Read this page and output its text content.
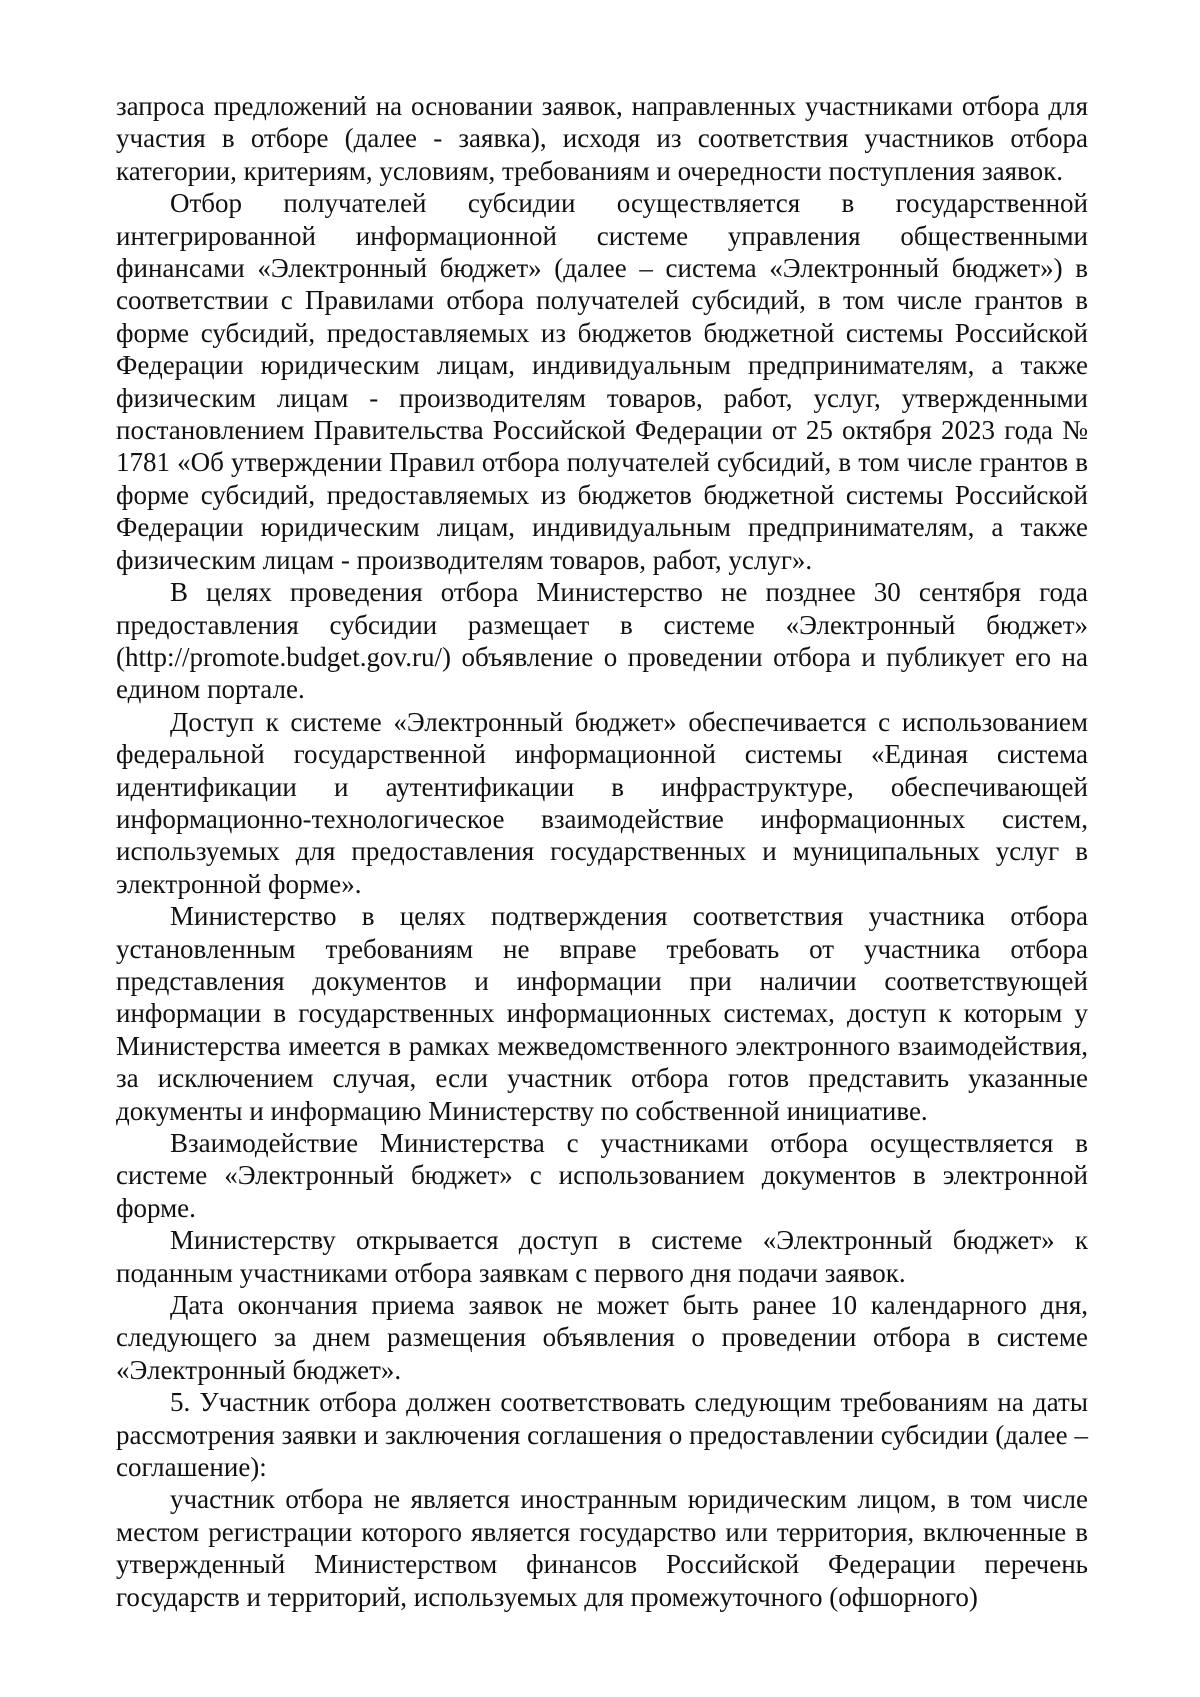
запроса предложений на основании заявок, направленных участниками отбора для участия в отборе (далее - заявка), исходя из соответствия участников отбора категории, критериям, условиям, требованиям и очередности поступления заявок.

Отбор получателей субсидии осуществляется в государственной интегрированной информационной системе управления общественными финансами «Электронный бюджет» (далее – система «Электронный бюджет») в соответствии с Правилами отбора получателей субсидий, в том числе грантов в форме субсидий, предоставляемых из бюджетов бюджетной системы Российской Федерации юридическим лицам, индивидуальным предпринимателям, а также физическим лицам - производителям товаров, работ, услуг, утвержденными постановлением Правительства Российской Федерации от 25 октября 2023 года № 1781 «Об утверждении Правил отбора получателей субсидий, в том числе грантов в форме субсидий, предоставляемых из бюджетов бюджетной системы Российской Федерации юридическим лицам, индивидуальным предпринимателям, а также физическим лицам - производителям товаров, работ, услуг».

В целях проведения отбора Министерство не позднее 30 сентября года предоставления субсидии размещает в системе «Электронный бюджет» (http://promote.budget.gov.ru/) объявление о проведении отбора и публикует его на едином портале.

Доступ к системе «Электронный бюджет» обеспечивается с использованием федеральной государственной информационной системы «Единая система идентификации и аутентификации в инфраструктуре, обеспечивающей информационно-технологическое взаимодействие информационных систем, используемых для предоставления государственных и муниципальных услуг в электронной форме».

Министерство в целях подтверждения соответствия участника отбора установленным требованиям не вправе требовать от участника отбора представления документов и информации при наличии соответствующей информации в государственных информационных системах, доступ к которым у Министерства имеется в рамках межведомственного электронного взаимодействия, за исключением случая, если участник отбора готов представить указанные документы и информацию Министерству по собственной инициативе.

Взаимодействие Министерства с участниками отбора осуществляется в системе «Электронный бюджет» с использованием документов в электронной форме.

Министерству открывается доступ в системе «Электронный бюджет» к поданным участниками отбора заявкам с первого дня подачи заявок.

Дата окончания приема заявок не может быть ранее 10 календарного дня, следующего за днем размещения объявления о проведении отбора в системе «Электронный бюджет».

5. Участник отбора должен соответствовать следующим требованиям на даты рассмотрения заявки и заключения соглашения о предоставлении субсидии (далее – соглашение):

участник отбора не является иностранным юридическим лицом, в том числе местом регистрации которого является государство или территория, включенные в утвержденный Министерством финансов Российской Федерации перечень государств и территорий, используемых для промежуточного (офшорного)
